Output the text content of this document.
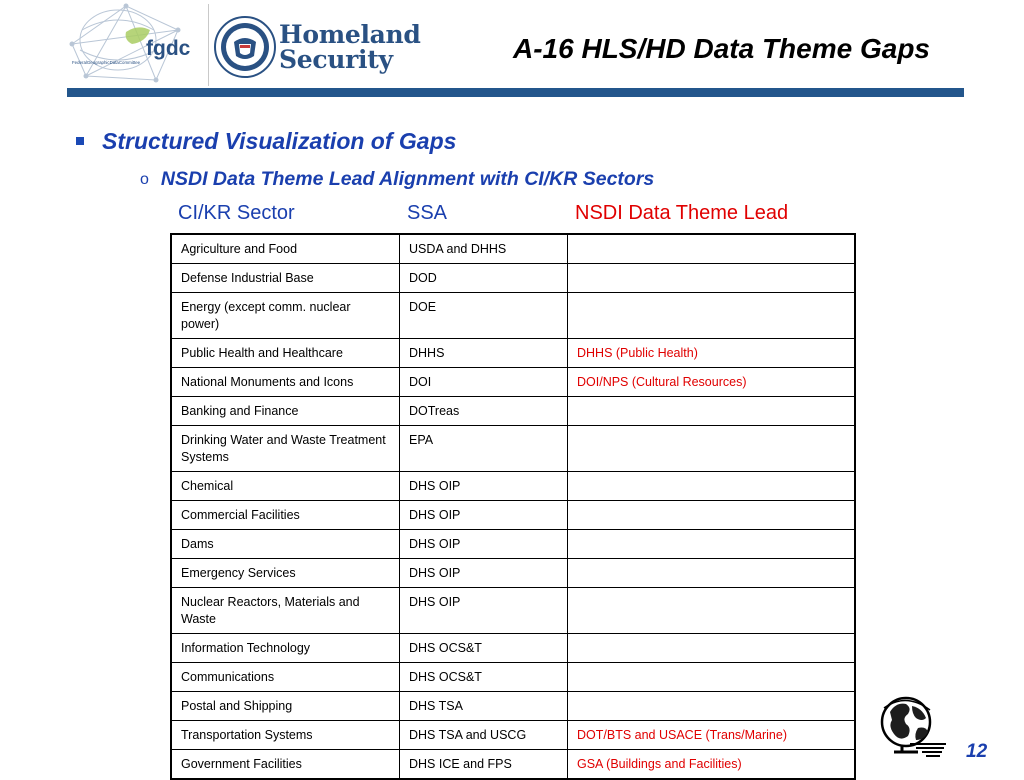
fgdc
FederalGeographicDataCommittee
Homeland
Security	A-16 HLS/HD Data Theme Gaps
Structured Visualization of Gaps
o NSDI Data Theme Lead Alignment with CI/KR Sectors
CI/KR Sector	SSA	NSDI Data Theme Lead
Agriculture and Food	USDA and DHHS	
Defense Industrial Base	DOD	
Energy (except comm. nuclear power)	DOE	
Public Health and Healthcare	DHHS	DHHS (Public Health)
National Monuments and Icons	DOI	DOI/NPS (Cultural Resources)
Banking and Finance	DOTreas	
Drinking Water and Waste Treatment Systems	EPA	
Chemical	DHS OIP	
Commercial Facilities	DHS OIP	
Dams	DHS OIP	
Emergency Services	DHS OIP	
Nuclear Reactors, Materials and Waste	DHS OIP	
Information Technology	DHS OCS&T	
Communications	DHS OCS&T	
Postal and Shipping	DHS TSA	
Transportation Systems	DHS TSA and USCG	DOT/BTS and USACE (Trans/Marine)
Government Facilities	DHS ICE and FPS	GSA (Buildings and Facilities)
12
